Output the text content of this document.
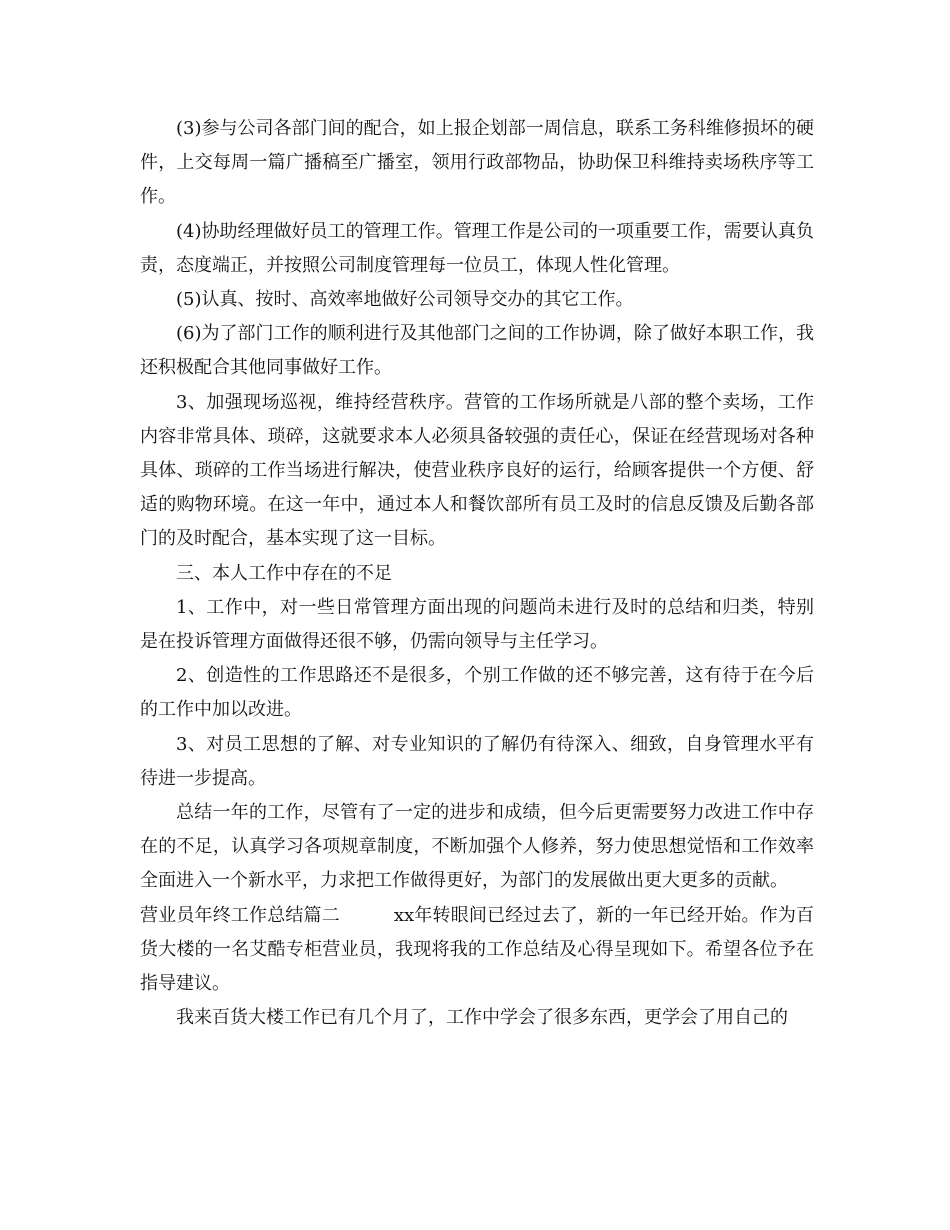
(3)参与公司各部门间的配合，如上报企划部一周信息，联系工务科维修损坏的硬件，上交每周一篇广播稿至广播室，领用行政部物品，协助保卫科维持卖场秩序等工作。

(4)协助经理做好员工的管理工作。管理工作是公司的一项重要工作，需要认真负责，态度端正，并按照公司制度管理每一位员工，体现人性化管理。

(5)认真、按时、高效率地做好公司领导交办的其它工作。

(6)为了部门工作的顺利进行及其他部门之间的工作协调，除了做好本职工作，我还积极配合其他同事做好工作。

3、加强现场巡视，维持经营秩序。营管的工作场所就是八部的整个卖场，工作内容非常具体、琐碎，这就要求本人必须具备较强的责任心，保证在经营现场对各种具体、琐碎的工作当场进行解决，使营业秩序良好的运行，给顾客提供一个方便、舒适的购物环境。在这一年中，通过本人和餐饮部所有员工及时的信息反馈及后勤各部门的及时配合，基本实现了这一目标。

三、本人工作中存在的不足

1、工作中，对一些日常管理方面出现的问题尚未进行及时的总结和归类，特别是在投诉管理方面做得还很不够，仍需向领导与主任学习。

2、创造性的工作思路还不是很多，个别工作做的还不够完善，这有待于在今后的工作中加以改进。

3、对员工思想的了解、对专业知识的了解仍有待深入、细致，自身管理水平有待进一步提高。

总结一年的工作，尽管有了一定的进步和成绩，但今后更需要努力改进工作中存在的不足，认真学习各项规章制度，不断加强个人修养，努力使思想觉悟和工作效率全面进入一个新水平，力求把工作做得更好，为部门的发展做出更大更多的贡献。

营业员年终工作总结篇二	xx年转眼间已经过去了，新的一年已经开始。作为百货大楼的一名艾酷专柜营业员，我现将我的工作总结及心得呈现如下。希望各位予在指导建议。

我来百货大楼工作已有几个月了，工作中学会了很多东西，更学会了用自己的
